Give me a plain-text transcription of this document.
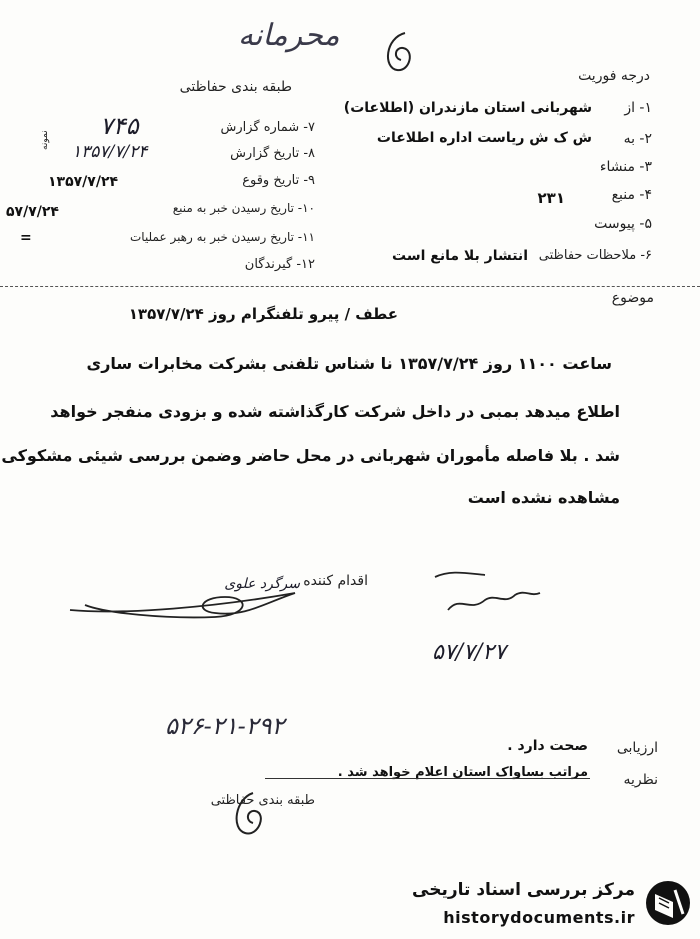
محرمانه
طبقه بندی حفاظتی
درجه فوریت
۱- از
شهربانی استان مازندران (اطلاعات)
۲- به
ش ک ش ریاست اداره اطلاعات
۳- منشاء
۴- منبع
۲۳۱
۵- پیوست
۶- ملاحظات حفاظتی
انتشار بلا مانع است
۷- شماره گزارش
۷۴۵
۸- تاریخ گزارش
۱۳۵۷/۷/۲۴
۹- تاریخ وقوع
۱۳۵۷/۷/۲۴
۱۰- تاریخ رسیدن خبر به منبع
۵۷/۷/۲۴
۱۱- تاریخ رسیدن خبر به رهبر عملیات
=
۱۲- گیرندگان
نمونه
موضوع
عطف / پیرو تلفنگرام روز ۱۳۵۷/۷/۲۴
ساعت ۱۱۰۰ روز ۱۳۵۷/۷/۲۴ نا شناس تلفنی بشرکت مخابرات ساری
اطلاع میدهد بمبی در داخل شرکت کارگذاشته شده و بزودی منفجر خواهد
شد . بلا فاصله مأموران شهربانی در محل حاضر وضمن بررسی شیئی مشکوکی
مشاهده نشده است
اقدام کننده
سرگرد علوی
۵۷/۷/۲۷
۵۲۶-۲۱-۲۹۲
ارزیابی
صحت دارد .
نظریه
مراتب بساواک استان اعلام خواهد شد .
طبقه بندی حفاظتی
مرکز بررسی اسناد تاریخی
historydocuments.ir
